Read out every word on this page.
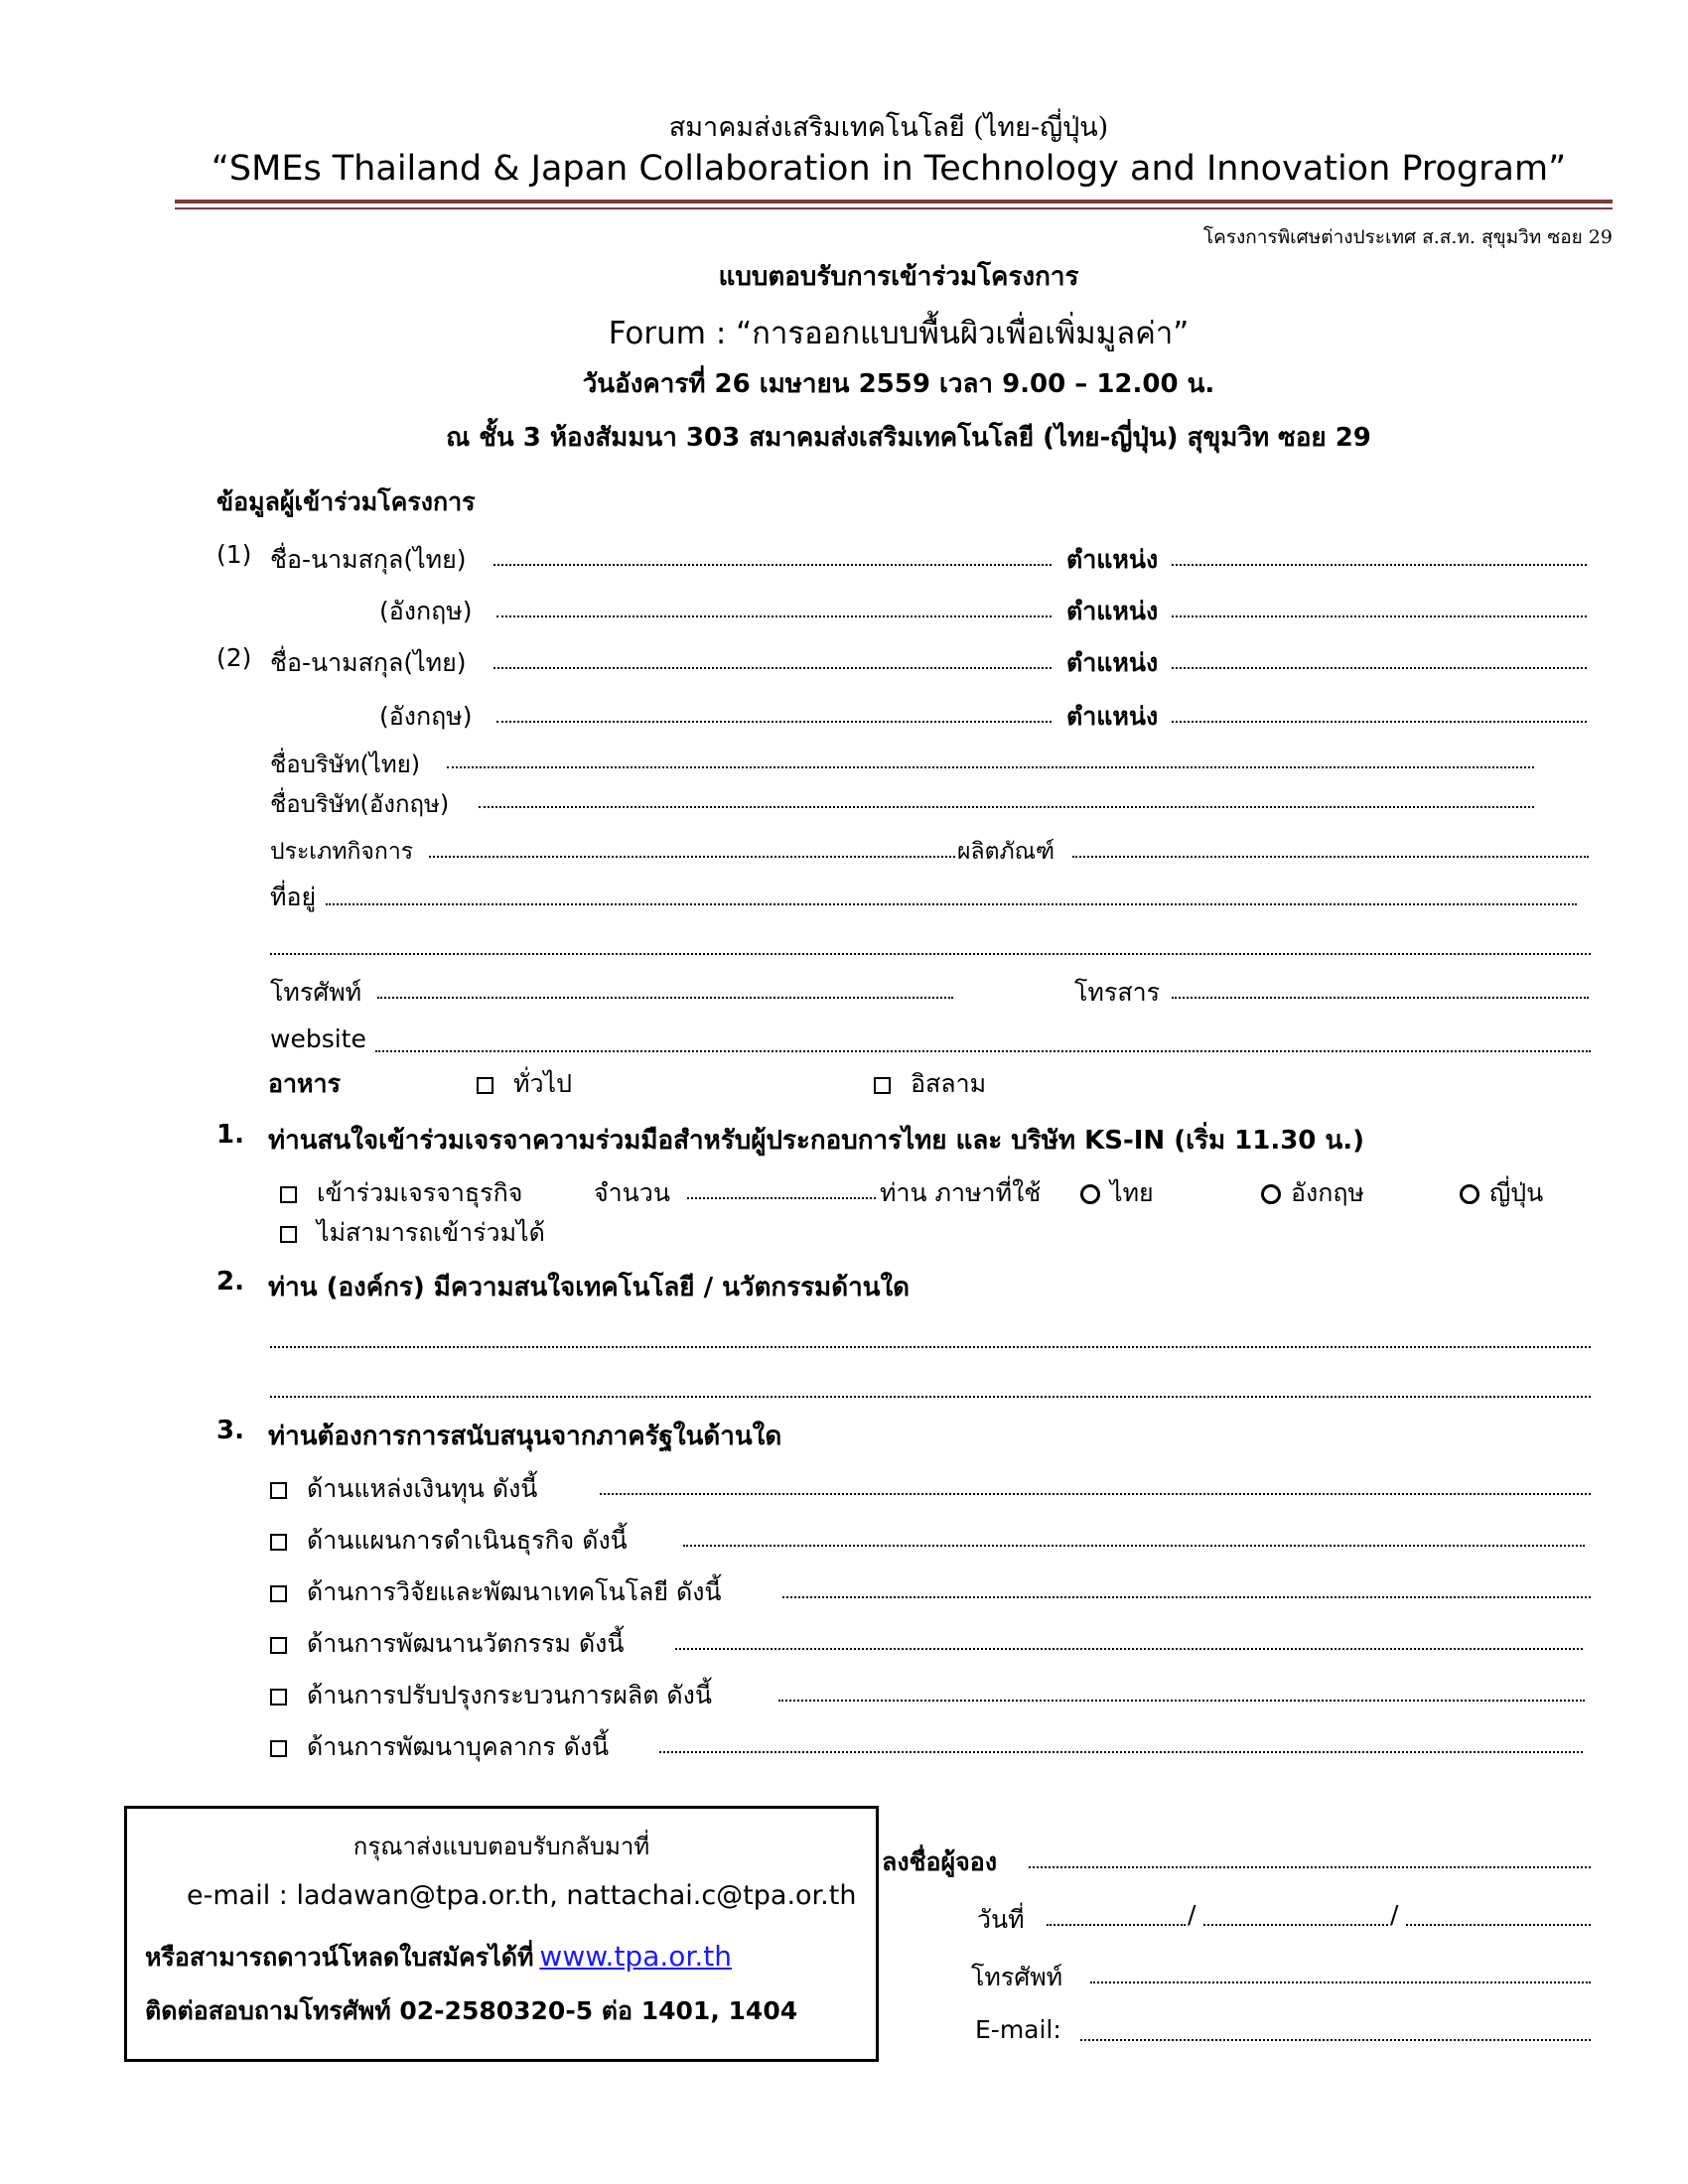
สมาคมส่งเสริมเทคโนโลยี (ไทย-ญี่ปุ่น)
“SMEs Thailand & Japan Collaboration in Technology and Innovation Program”
โครงการพิเศษต่างประเทศ ส.ส.ท. สุขุมวิท ซอย 29
แบบตอบรับการเข้าร่วมโครงการ
Forum : “การออกแบบพื้นผิวเพื่อเพิ่มมูลค่า”
วันอังคารที่ 26 เมษายน 2559 เวลา 9.00 – 12.00 น.
ณ ชั้น 3 ห้องสัมมนา 303 สมาคมส่งเสริมเทคโนโลยี (ไทย-ญี่ปุ่น) สุขุมวิท ซอย 29
ข้อมูลผู้เข้าร่วมโครงการ
(1) ชื่อ-นามสกุล(ไทย)	ตำแหน่ง
(อังกฤษ)	ตำแหน่ง
(2) ชื่อ-นามสกุล(ไทย)	ตำแหน่ง
(อังกฤษ)	ตำแหน่ง
ชื่อบริษัท(ไทย)
ชื่อบริษัท(อังกฤษ)
ประเภทกิจการ	ผลิตภัณฑ์
ที่อยู่
โทรศัพท์	โทรสาร
website
อาหาร	ทั่วไป	อิสลาม
1. ท่านสนใจเข้าร่วมเจรจาความร่วมมือสำหรับผู้ประกอบการไทย และ บริษัท KS-IN (เริ่ม 11.30 น.)
เข้าร่วมเจรจาธุรกิจ	จำนวน	ท่าน ภาษาที่ใช้	ไทย	อังกฤษ	ญี่ปุ่น
ไม่สามารถเข้าร่วมได้
2. ท่าน (องค์กร) มีความสนใจเทคโนโลยี / นวัตกรรมด้านใด
3. ท่านต้องการการสนับสนุนจากภาครัฐในด้านใด
ด้านแหล่งเงินทุน ดังนี้
ด้านแผนการดำเนินธุรกิจ ดังนี้
ด้านการวิจัยและพัฒนาเทคโนโลยี ดังนี้
ด้านการพัฒนานวัตกรรม ดังนี้
ด้านการปรับปรุงกระบวนการผลิต ดังนี้
ด้านการพัฒนาบุคลากร ดังนี้
กรุณาส่งแบบตอบรับกลับมาที่
e-mail : ladawan@tpa.or.th, nattachai.c@tpa.or.th
หรือสามารถดาวน์โหลดใบสมัครได้ที่ www.tpa.or.th
ติดต่อสอบถามโทรศัพท์ 02-2580320-5 ต่อ 1401, 1404
ลงชื่อผู้จอง
วันที่	/	/
โทรศัพท์
E-mail:
